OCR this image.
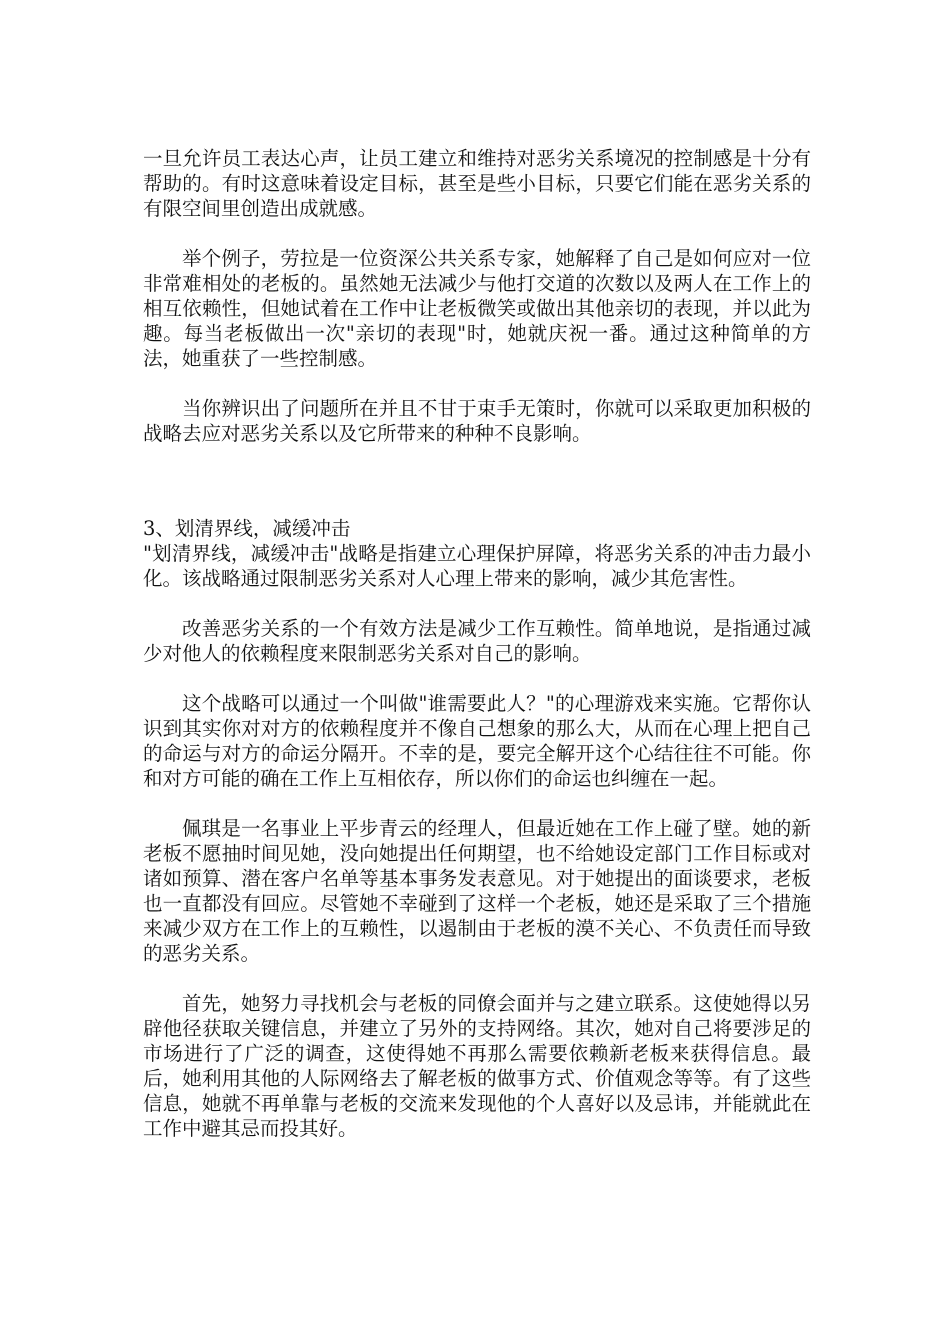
一旦允许员工表达心声，让员工建立和维持对恶劣关系境况的控制感是十分有帮助的。有时这意味着设定目标，甚至是些小目标，只要它们能在恶劣关系的有限空间里创造出成就感。

举个例子，劳拉是一位资深公共关系专家，她解释了自己是如何应对一位非常难相处的老板的。虽然她无法减少与他打交道的次数以及两人在工作上的相互依赖性，但她试着在工作中让老板微笑或做出其他亲切的表现，并以此为趣。每当老板做出一次"亲切的表现"时，她就庆祝一番。通过这种简单的方法，她重获了一些控制感。

当你辨识出了问题所在并且不甘于束手无策时，你就可以采取更加积极的战略去应对恶劣关系以及它所带来的种种不良影响。

3、划清界线，减缓冲击

"划清界线，减缓冲击"战略是指建立心理保护屏障，将恶劣关系的冲击力最小化。该战略通过限制恶劣关系对人心理上带来的影响，减少其危害性。

改善恶劣关系的一个有效方法是减少工作互赖性。简单地说，是指通过减少对他人的依赖程度来限制恶劣关系对自己的影响。

这个战略可以通过一个叫做"谁需要此人？"的心理游戏来实施。它帮你认识到其实你对对方的依赖程度并不像自己想象的那么大，从而在心理上把自己的命运与对方的命运分隔开。不幸的是，要完全解开这个心结往往不可能。你和对方可能的确在工作上互相依存，所以你们的命运也纠缠在一起。

佩琪是一名事业上平步青云的经理人，但最近她在工作上碰了壁。她的新老板不愿抽时间见她，没向她提出任何期望，也不给她设定部门工作目标或对诸如预算、潜在客户名单等基本事务发表意见。对于她提出的面谈要求，老板也一直都没有回应。尽管她不幸碰到了这样一个老板，她还是采取了三个措施来减少双方在工作上的互赖性，以遏制由于老板的漠不关心、不负责任而导致的恶劣关系。

首先，她努力寻找机会与老板的同僚会面并与之建立联系。这使她得以另辟他径获取关键信息，并建立了另外的支持网络。其次，她对自己将要涉足的市场进行了广泛的调查，这使得她不再那么需要依赖新老板来获得信息。最后，她利用其他的人际网络去了解老板的做事方式、价值观念等等。有了这些信息，她就不再单靠与老板的交流来发现他的个人喜好以及忌讳，并能就此在工作中避其忌而投其好。
